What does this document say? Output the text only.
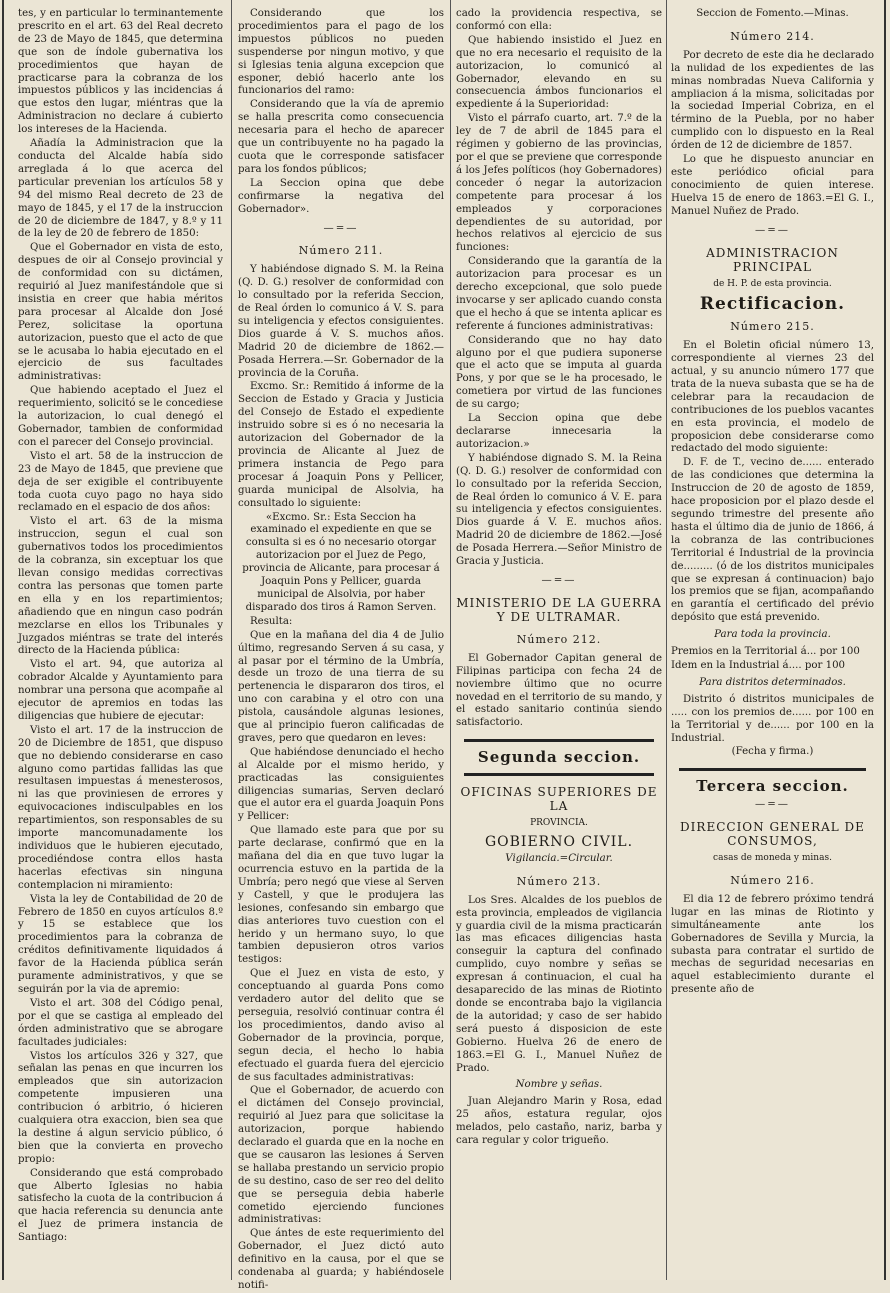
tes, y en particular lo terminantemente prescrito en el art. 63 del Real decreto de 23 de Mayo de 1845, que determina que son de índole gubernativa los procedimientos que hayan de practicarse para la cobranza de los impuestos públicos y las incidencias á que estos den lugar, miéntras que la Administracion no declare á cubierto los intereses de la Hacienda.

Añadía la Administracion que la conducta del Alcalde había sido arreglada á lo que acerca del particular prevenian los artículos 58 y 94 del mismo Real decreto de 23 de mayo de 1845, y el 17 de la instruccion de 20 de diciembre de 1847, y 8.º y 11 de la ley de 20 de febrero de 1850:

Que el Gobernador en vista de esto, despues de oir al Consejo provincial y de conformidad con su dictámen, requirió al Juez manifestándole que si insistia en creer que habia méritos para procesar al Alcalde don José Perez, solicitase la oportuna autorizacion, puesto que el acto de que se le acusaba lo habia ejecutado en el ejercicio de sus facultades administrativas:

Que habiendo aceptado el Juez el requerimiento, solicitó se le concediese la autorizacion, lo cual denegó el Gobernador, tambien de conformidad con el parecer del Consejo provincial.

Visto el art. 58 de la instruccion de 23 de Mayo de 1845, que previene que deja de ser exigible el contribuyente toda cuota cuyo pago no haya sido reclamado en el espacio de dos años:

Visto el art. 63 de la misma instruccion, segun el cual son gubernativos todos los procedimientos de la cobranza, sin exceptuar los que llevan consigo medidas correctivas contra las personas que tomen parte en ella y en los repartimientos; añadiendo que en ningun caso podrán mezclarse en ellos los Tribunales y Juzgados miéntras se trate del interés directo de la Hacienda pública:

Visto el art. 94, que autoriza al cobrador Alcalde y Ayuntamiento para nombrar una persona que acompañe al ejecutor de apremios en todas las diligencias que hubiere de ejecutar:

Visto el art. 17 de la instruccion de 20 de Diciembre de 1851, que dispuso que no debiendo considerarse en caso alguno como partidas fallidas las que resultasen impuestas á menesterosos, ni las que proviniesen de errores y equivocaciones indisculpables en los repartimientos, son responsables de su importe mancomunadamente los individuos que le hubieren ejecutado, procediéndose contra ellos hasta hacerlas efectivas sin ninguna contemplacion ni miramiento:

Vista la ley de Contabilidad de 20 de Febrero de 1850 en cuyos artículos 8.º y 15 se establece que los procedimientos para la cobranza de créditos definitivamente liquidados á favor de la Hacienda pública serán puramente administrativos, y que se seguirán por la via de apremio:

Visto el art. 308 del Código penal, por el que se castiga al empleado del órden administrativo que se abrogare facultades judiciales:

Vistos los artículos 326 y 327, que señalan las penas en que incurren los empleados que sin autorizacion competente impusieren una contribucion ó arbitrio, ó hicieren cualquiera otra exaccion, bien sea que la destine á algun servicio público, ó bien que la convierta en provecho propio:

Considerando que está comprobado que Alberto Iglesias no habia satisfecho la cuota de la contribucion á que hacia referencia su denuncia ante el Juez de primera instancia de Santiago:

Considerando que los procedimientos para el pago de los impuestos públicos no pueden suspenderse por ningun motivo, y que si Iglesias tenia alguna excepcion que esponer, debió hacerlo ante los funcionarios del ramo:

Considerando que la vía de apremio se halla prescrita como consecuencia necesaria para el hecho de aparecer que un contribuyente no ha pagado la cuota que le corresponde satisfacer para los fondos públicos;

La Seccion opina que debe confirmarse la negativa del Gobernador».

—=—
Número 211.

Y habiéndose dignado S. M. la Reina (Q. D. G.) resolver de conformidad con lo consultado por la referida Seccion, de Real órden lo comunico á V. S. para su inteligencia y efectos consiguientes. Dios guarde á V. S. muchos años. Madrid 20 de diciembre de 1862.—Posada Herrera.—Sr. Gobernador de la provincia de la Coruña.

Excmo. Sr.: Remitido á informe de la Seccion de Estado y Gracia y Justicia del Consejo de Estado el expediente instruido sobre si es ó no necesaria la autorizacion del Gobernador de la provincia de Alicante al Juez de primera instancia de Pego para procesar á Joaquin Pons y Pellicer, guarda municipal de Alsolvia, ha consultado lo siguiente:

«Excmo. Sr.: Esta Seccion ha examinado el expediente en que se consulta si es ó no necesario otorgar autorizacion por el Juez de Pego, provincia de Alicante, para procesar á Joaquin Pons y Pellicer, guarda municipal de Alsolvia, por haber disparado dos tiros á Ramon Serven.

Resulta:

Que en la mañana del dia 4 de Julio último, regresando Serven á su casa, y al pasar por el término de la Umbría, desde un trozo de una tierra de su pertenencia le dispararon dos tiros, el uno con carabina y el otro con una pistola, causándole algunas lesiones, que al principio fueron calificadas de graves, pero que quedaron en leves:

Que habiéndose denunciado el hecho al Alcalde por el mismo herido, y practicadas las consiguientes diligencias sumarias, Serven declaró que el autor era el guarda Joaquin Pons y Pellicer:

Que llamado este para que por su parte declarase, confirmó que en la mañana del dia en que tuvo lugar la ocurrencia estuvo en la partida de la Umbría; pero negó que viese al Serven y Castell, y que le produjera las lesiones, confesando sin embargo que dias anteriores tuvo cuestion con el herido y un hermano suyo, lo que tambien depusieron otros varios testigos:

Que el Juez en vista de esto, y conceptuando al guarda Pons como verdadero autor del delito que se perseguia, resolvió continuar contra él los procedimientos, dando aviso al Gobernador de la provincia, porque, segun decia, el hecho lo habia efectuado el guarda fuera del ejercicio de sus facultades administrativas:

Que el Gobernador, de acuerdo con el dictámen del Consejo provincial, requirió al Juez para que solicitase la autorizacion, porque habiendo declarado el guarda que en la noche en que se causaron las lesiones á Serven se hallaba prestando un servicio propio de su destino, caso de ser reo del delito que se perseguia debia haberle cometido ejerciendo funciones administrativas:

Que ántes de este requerimiento del Gobernador, el Juez dictó auto definitivo en la causa, por el que se condenaba al guarda; y habiéndosele notifi-

cado la providencia respectiva, se conformó con ella:

Que habiendo insistido el Juez en que no era necesario el requisito de la autorizacion, lo comunicó al Gobernador, elevando en su consecuencia ámbos funcionarios el expediente á la Superioridad:

Visto el párrafo cuarto, art. 7.º de la ley de 7 de abril de 1845 para el régimen y gobierno de las provincias, por el que se previene que corresponde á los Jefes políticos (hoy Gobernadores) conceder ó negar la autorizacion competente para procesar á los empleados y corporaciones dependientes de su autoridad, por hechos relativos al ejercicio de sus funciones:

Considerando que la garantía de la autorizacion para procesar es un derecho excepcional, que solo puede invocarse y ser aplicado cuando consta que el hecho á que se intenta aplicar es referente á funciones administrativas:

Considerando que no hay dato alguno por el que pudiera suponerse que el acto que se imputa al guarda Pons, y por que se le ha procesado, le cometiera por virtud de las funciones de su cargo;

La Seccion opina que debe declararse innecesaria la autorizacion.»

Y habiéndose dignado S. M. la Reina (Q. D. G.) resolver de conformidad con lo consultado por la referida Seccion, de Real órden lo comunico á V. E. para su inteligencia y efectos consiguientes. Dios guarde á V. E. muchos años. Madrid 20 de diciembre de 1862.—José de Posada Herrera.—Señor Ministro de Gracia y Justicia.

—=—
MINISTERIO DE LA GUERRA Y DE ULTRAMAR.
Número 212.

El Gobernador Capitan general de Filipinas participa con fecha 24 de noviembre último que no ocurre novedad en el territorio de su mando, y el estado sanitario continúa siendo satisfactorio.

Segunda seccion.
OFICINAS SUPERIORES DE LA
PROVINCIA.
GOBIERNO CIVIL.
Vigilancia.=Circular.
Número 213.

Los Sres. Alcaldes de los pueblos de esta provincia, empleados de vigilancia y guardia civil de la misma practicarán las mas eficaces diligencias hasta conseguir la captura del confinado cumplido, cuyo nombre y señas se expresan á continuacion, el cual ha desaparecido de las minas de Riotinto donde se encontraba bajo la vigilancia de la autoridad; y caso de ser habido será puesto á disposicion de este Gobierno. Huelva 26 de enero de 1863.=El G. I., Manuel Nuñez de Prado.

Nombre y señas.

Juan Alejandro Marin y Rosa, edad 25 años, estatura regular, ojos melados, pelo castaño, nariz, barba y cara regular y color trigueño.

Seccion de Fomento.—Minas.
Número 214.

Por decreto de este dia he declarado la nulidad de los expedientes de las minas nombradas Nueva California y ampliacion á la misma, solicitadas por la sociedad Imperial Cobriza, en el término de la Puebla, por no haber cumplido con lo dispuesto en la Real órden de 12 de diciembre de 1857.

Lo que he dispuesto anunciar en este periódico oficial para conocimiento de quien interese. Huelva 15 de enero de 1863.=El G. I., Manuel Nuñez de Prado.

—=—
ADMINISTRACION PRINCIPAL
de H. P. de esta provincia.
Rectificacion.
Número 215.

En el Boletin oficial número 13, correspondiente al viernes 23 del actual, y su anuncio número 177 que trata de la nueva subasta que se ha de celebrar para la recaudacion de contribuciones de los pueblos vacantes en esta provincia, el modelo de proposicion debe considerarse como redactado del modo siguiente:

D. F. de T., vecino de...... enterado de las condiciones que determina la Instruccion de 20 de agosto de 1859, hace proposicion por el plazo desde el segundo trimestre del presente año hasta el último dia de junio de 1866, á la cobranza de las contribuciones Territorial é Industrial de la provincia de......... (ó de los distritos municipales que se expresan á continuacion) bajo los premios que se fijan, acompañando en garantía el certificado del prévio depósito que está prevenido.

Para toda la provincia.

Premios en la Territorial á... por 100

Idem en la Industrial á.... por 100

Para distritos determinados.

Distrito ó distritos municipales de ..... con los premios de...... por 100 en la Territorial y de...... por 100 en la Industrial.

(Fecha y firma.)

Tercera seccion.
—=—
DIRECCION GENERAL DE CONSUMOS,
casas de moneda y minas.
Número 216.

El dia 12 de febrero próximo tendrá lugar en las minas de Riotinto y simultáneamente ante los Gobernadores de Sevilla y Murcia, la subasta para contratar el surtido de mechas de seguridad necesarias en aquel establecimiento durante el presente año de
